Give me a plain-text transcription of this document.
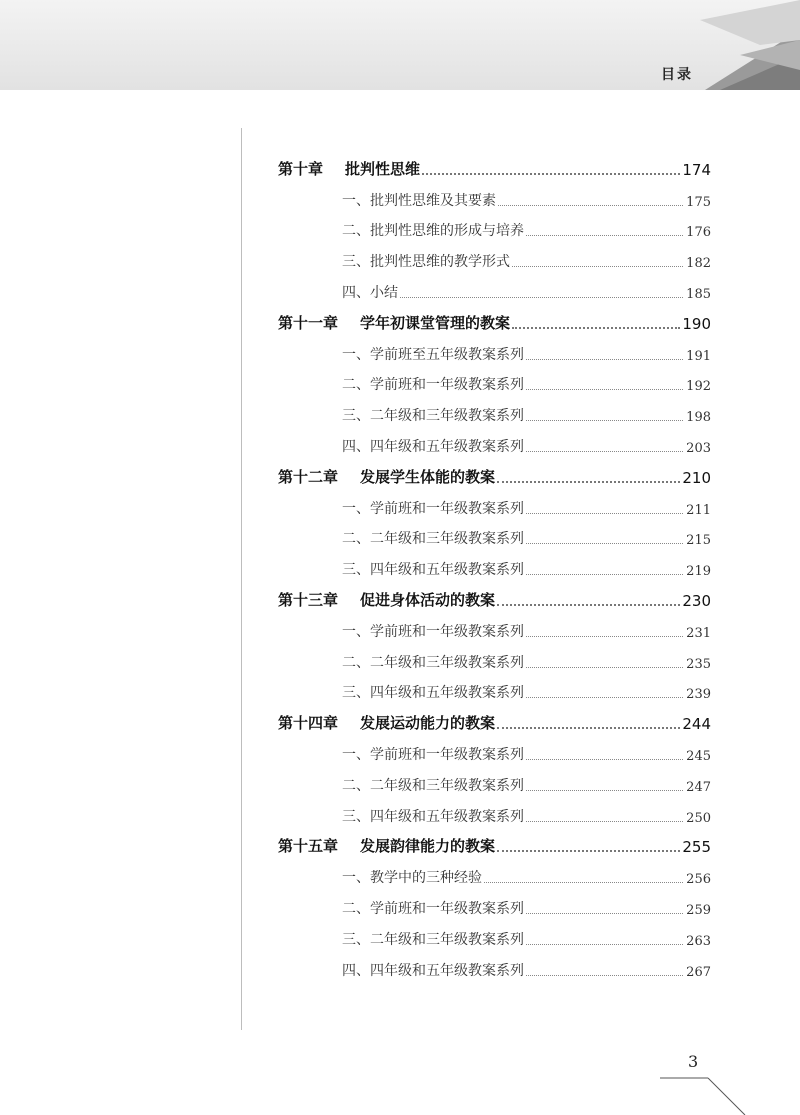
目录
第十章	批判性思维	174
一、批判性思维及其要素	175
二、批判性思维的形成与培养	176
三、批判性思维的教学形式	182
四、小结	185
第十一章	学年初课堂管理的教案	190
一、学前班至五年级教案系列	191
二、学前班和一年级教案系列	192
三、二年级和三年级教案系列	198
四、四年级和五年级教案系列	203
第十二章	发展学生体能的教案	210
一、学前班和一年级教案系列	211
二、二年级和三年级教案系列	215
三、四年级和五年级教案系列	219
第十三章	促进身体活动的教案	230
一、学前班和一年级教案系列	231
二、二年级和三年级教案系列	235
三、四年级和五年级教案系列	239
第十四章	发展运动能力的教案	244
一、学前班和一年级教案系列	245
二、二年级和三年级教案系列	247
三、四年级和五年级教案系列	250
第十五章	发展韵律能力的教案	255
一、教学中的三种经验	256
二、学前班和一年级教案系列	259
三、二年级和三年级教案系列	263
四、四年级和五年级教案系列	267
3
